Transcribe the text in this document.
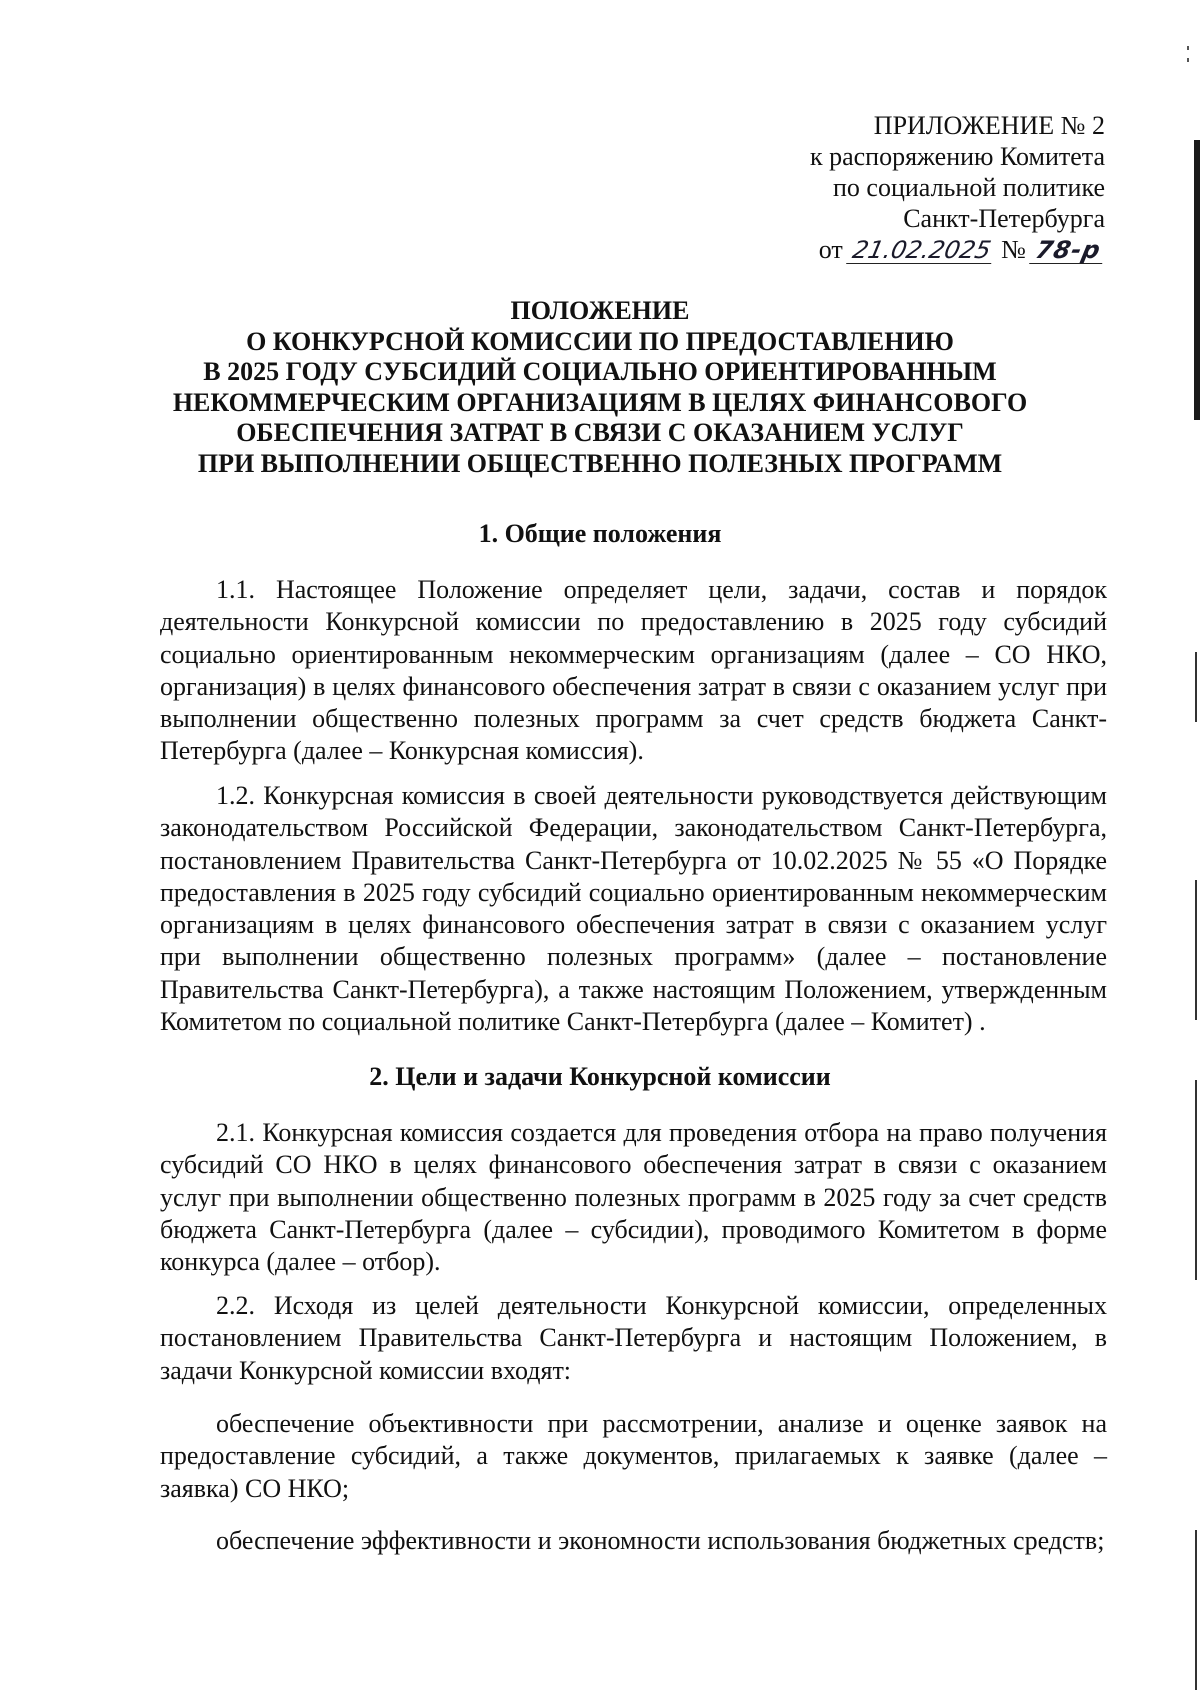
ПРИЛОЖЕНИЕ № 2
к распоряжению Комитета
по социальной политике
Санкт-Петербурга
от 21.02.2025 № 78-р
ПОЛОЖЕНИЕ
О КОНКУРСНОЙ КОМИССИИ ПО ПРЕДОСТАВЛЕНИЮ
В 2025 ГОДУ СУБСИДИЙ СОЦИАЛЬНО ОРИЕНТИРОВАННЫМ
НЕКОММЕРЧЕСКИМ ОРГАНИЗАЦИЯМ В ЦЕЛЯХ ФИНАНСОВОГО
ОБЕСПЕЧЕНИЯ ЗАТРАТ В СВЯЗИ С ОКАЗАНИЕМ УСЛУГ
ПРИ ВЫПОЛНЕНИИ ОБЩЕСТВЕННО ПОЛЕЗНЫХ ПРОГРАММ
1. Общие положения
1.1. Настоящее Положение определяет цели, задачи, состав и порядок деятельности Конкурсной комиссии по предоставлению в 2025 году субсидий социально ориентированным некоммерческим организациям (далее – СО НКО, организация) в целях финансового обеспечения затрат в связи с оказанием услуг при выполнении общественно полезных программ за счет средств бюджета Санкт-Петербурга (далее – Конкурсная комиссия).
1.2. Конкурсная комиссия в своей деятельности руководствуется действующим законодательством Российской Федерации, законодательством Санкт-Петербурга, постановлением Правительства Санкт-Петербурга от 10.02.2025 № 55 «О Порядке предоставления в 2025 году субсидий социально ориентированным некоммерческим организациям в целях финансового обеспечения затрат в связи с оказанием услуг при выполнении общественно полезных программ» (далее – постановление Правительства Санкт-Петербурга), а также настоящим Положением, утвержденным Комитетом по социальной политике Санкт-Петербурга (далее – Комитет) .
2. Цели и задачи Конкурсной комиссии
2.1. Конкурсная комиссия создается для проведения отбора на право получения субсидий СО НКО в целях финансового обеспечения затрат в связи с оказанием услуг при выполнении общественно полезных программ в 2025 году за счет средств бюджета Санкт-Петербурга (далее – субсидии), проводимого Комитетом в форме конкурса (далее – отбор).
2.2. Исходя из целей деятельности Конкурсной комиссии, определенных постановлением Правительства Санкт-Петербурга и настоящим Положением, в задачи Конкурсной комиссии входят:
обеспечение объективности при рассмотрении, анализе и оценке заявок на предоставление субсидий, а также документов, прилагаемых к заявке (далее – заявка) СО НКО;
обеспечение эффективности и экономности использования бюджетных средств;
